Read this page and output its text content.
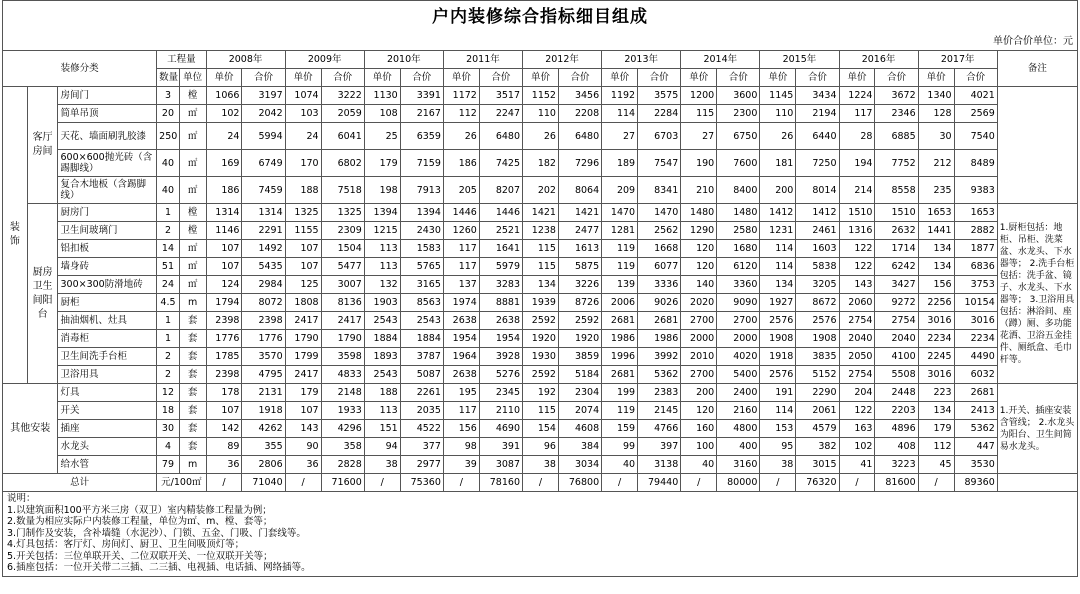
户内装修综合指标细目组成
单价合价单位：元
装修分类			工程量		2008年		2009年		2010年		2011年		2012年		2013年		2014年		2015年		2016年		2017年		备注
			数量	单位	单价	合价	单价	合价	单价	合价	单价	合价	单价	合价	单价	合价	单价	合价	单价	合价	单价	合价	单价	合价	
装饰	客厅房间	房间门	3	樘	1066	3197	1074	3222	1130	3391	1172	3517	1152	3456	1192	3575	1200	3600	1145	3434	1224	3672	1340	4021	
		简单吊顶	20	㎡	102	2042	103	2059	108	2167	112	2247	110	2208	114	2284	115	2300	110	2194	117	2346	128	2569	
		天花、墙面刷乳胶漆	250	㎡	24	5994	24	6041	25	6359	26	6480	26	6480	27	6703	27	6750	26	6440	28	6885	30	7540	
		600×600抛光砖（含踢脚线）	40	㎡	169	6749	170	6802	179	7159	186	7425	182	7296	189	7547	190	7600	181	7250	194	7752	212	8489	
		复合木地板（含踢脚线）	40	㎡	186	7459	188	7518	198	7913	205	8207	202	8064	209	8341	210	8400	200	8014	214	8558	235	9383	
	厨房卫生间阳台	厨房门	1	樘	1314	1314	1325	1325	1394	1394	1446	1446	1421	1421	1470	1470	1480	1480	1412	1412	1510	1510	1653	1653	1.厨柜包括：地柜、吊柜、洗菜盆、水龙头、下水器等； 2.洗手台柜包括：洗手盆、镜子、水龙头、下水器等； 3.卫浴用具包括：淋浴间、座（蹲）厕、多功能花洒、卫浴五金挂件、厕纸盒、毛巾杆等。
		卫生间玻璃门	2	樘	1146	2291	1155	2309	1215	2430	1260	2521	1238	2477	1281	2562	1290	2580	1231	2461	1316	2632	1441	2882	
		铝扣板	14	㎡	107	1492	107	1504	113	1583	117	1641	115	1613	119	1668	120	1680	114	1603	122	1714	134	1877	
		墙身砖	51	㎡	107	5435	107	5477	113	5765	117	5979	115	5875	119	6077	120	6120	114	5838	122	6242	134	6836	
		300×300防滑地砖	24	㎡	124	2984	125	3007	132	3165	137	3283	134	3226	139	3336	140	3360	134	3205	143	3427	156	3753	
		厨柜	4.5	m	1794	8072	1808	8136	1903	8563	1974	8881	1939	8726	2006	9026	2020	9090	1927	8672	2060	9272	2256	10154	
		抽油烟机、灶具	1	套	2398	2398	2417	2417	2543	2543	2638	2638	2592	2592	2681	2681	2700	2700	2576	2576	2754	2754	3016	3016	
		消毒柜	1	套	1776	1776	1790	1790	1884	1884	1954	1954	1920	1920	1986	1986	2000	2000	1908	1908	2040	2040	2234	2234	
		卫生间洗手台柜	2	套	1785	3570	1799	3598	1893	3787	1964	3928	1930	3859	1996	3992	2010	4020	1918	3835	2050	4100	2245	4490	
		卫浴用具	2	套	2398	4795	2417	4833	2543	5087	2638	5276	2592	5184	2681	5362	2700	5400	2576	5152	2754	5508	3016	6032	
其他安装		灯具	12	套	178	2131	179	2148	188	2261	195	2345	192	2304	199	2383	200	2400	191	2290	204	2448	223	2681	1.开关、插座安装含管线； 2.水龙头为阳台、卫生间简易水龙头。
		开关	18	套	107	1918	107	1933	113	2035	117	2110	115	2074	119	2145	120	2160	114	2061	122	2203	134	2413	
		插座	30	套	142	4262	143	4296	151	4522	156	4690	154	4608	159	4766	160	4800	153	4579	163	4896	179	5362	
		水龙头	4	套	89	355	90	358	94	377	98	391	96	384	99	397	100	400	95	382	102	408	112	447	
		给水管	79	m	36	2806	36	2828	38	2977	39	3087	38	3034	40	3138	40	3160	38	3015	41	3223	45	3530	
总计			元/100㎡		/	71040	/	71600	/	75360	/	78160	/	76800	/	79440	/	80000	/	76320	/	81600	/	89360	
说明：
1.以建筑面积100平方米三房（双卫）室内精装修工程量为例；
2.数量为相应实际户内装修工程量，单位为㎡、m、樘、套等；
3.门制作及安装，含补墙缝（水泥沙）、门锁、五金、门吸、门套线等。
4.灯具包括：客厅灯、房间灯、厨卫、卫生间吸顶灯等；
5.开关包括：三位单联开关、二位双联开关、一位双联开关等；
6.插座包括：一位开关带二三插、二三插、电视插、电话插、网络插等。
